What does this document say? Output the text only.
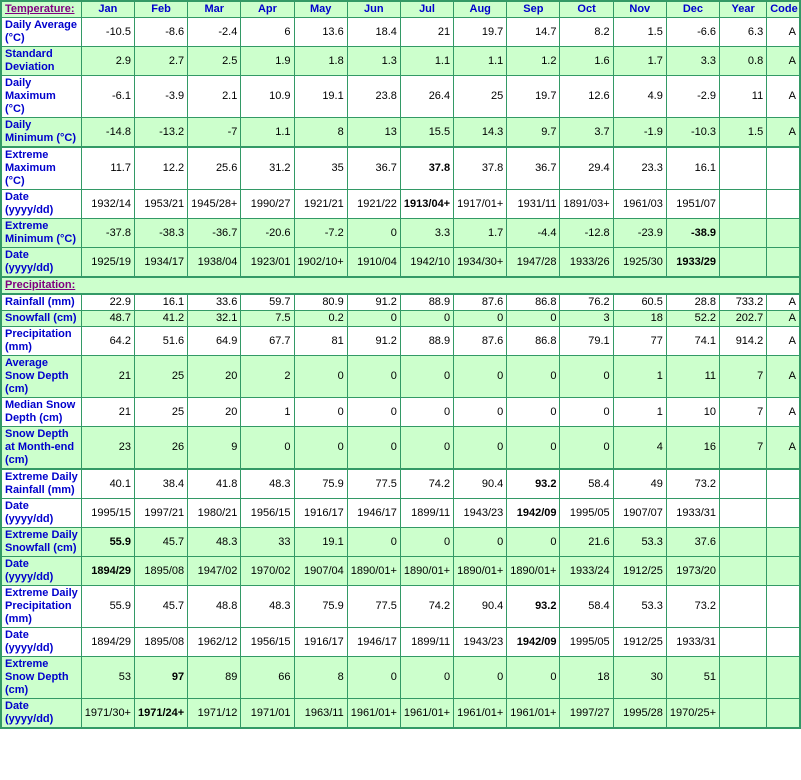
Temperature:	Jan	Feb	Mar	Apr	May	Jun	Jul	Aug	Sep	Oct	Nov	Dec	Year	Code
Daily Average (°C)	-10.5	-8.6	-2.4	6	13.6	18.4	21	19.7	14.7	8.2	1.5	-6.6	6.3	A
Standard Deviation	2.9	2.7	2.5	1.9	1.8	1.3	1.1	1.1	1.2	1.6	1.7	3.3	0.8	A
Daily Maximum (°C)	-6.1	-3.9	2.1	10.9	19.1	23.8	26.4	25	19.7	12.6	4.9	-2.9	11	A
Daily Minimum (°C)	-14.8	-13.2	-7	1.1	8	13	15.5	14.3	9.7	3.7	-1.9	-10.3	1.5	A
Extreme Maximum (°C)	11.7	12.2	25.6	31.2	35	36.7	37.8	37.8	36.7	29.4	23.3	16.1		
Date (yyyy/dd)	1932/14	1953/21	1945/28+	1990/27	1921/21	1921/22	1913/04+	1917/01+	1931/11	1891/03+	1961/03	1951/07		
Extreme Minimum (°C)	-37.8	-38.3	-36.7	-20.6	-7.2	0	3.3	1.7	-4.4	-12.8	-23.9	-38.9		
Date (yyyy/dd)	1925/19	1934/17	1938/04	1923/01	1902/10+	1910/04	1942/10	1934/30+	1947/28	1933/26	1925/30	1933/29		
Precipitation:														
Rainfall (mm)	22.9	16.1	33.6	59.7	80.9	91.2	88.9	87.6	86.8	76.2	60.5	28.8	733.2	A
Snowfall (cm)	48.7	41.2	32.1	7.5	0.2	0	0	0	0	3	18	52.2	202.7	A
Precipitation (mm)	64.2	51.6	64.9	67.7	81	91.2	88.9	87.6	86.8	79.1	77	74.1	914.2	A
Average Snow Depth (cm)	21	25	20	2	0	0	0	0	0	0	1	11	7	A
Median Snow Depth (cm)	21	25	20	1	0	0	0	0	0	0	1	10	7	A
Snow Depth at Month-end (cm)	23	26	9	0	0	0	0	0	0	0	4	16	7	A
Extreme Daily Rainfall (mm)	40.1	38.4	41.8	48.3	75.9	77.5	74.2	90.4	93.2	58.4	49	73.2		
Date (yyyy/dd)	1995/15	1997/21	1980/21	1956/15	1916/17	1946/17	1899/11	1943/23	1942/09	1995/05	1907/07	1933/31		
Extreme Daily Snowfall (cm)	55.9	45.7	48.3	33	19.1	0	0	0	0	21.6	53.3	37.6		
Date (yyyy/dd)	1894/29	1895/08	1947/02	1970/02	1907/04	1890/01+	1890/01+	1890/01+	1890/01+	1933/24	1912/25	1973/20		
Extreme Daily Precipitation (mm)	55.9	45.7	48.8	48.3	75.9	77.5	74.2	90.4	93.2	58.4	53.3	73.2		
Date (yyyy/dd)	1894/29	1895/08	1962/12	1956/15	1916/17	1946/17	1899/11	1943/23	1942/09	1995/05	1912/25	1933/31		
Extreme Snow Depth (cm)	53	97	89	66	8	0	0	0	0	18	30	51		
Date (yyyy/dd)	1971/30+	1971/24+	1971/12	1971/01	1963/11	1961/01+	1961/01+	1961/01+	1961/01+	1997/27	1995/28	1970/25+		
